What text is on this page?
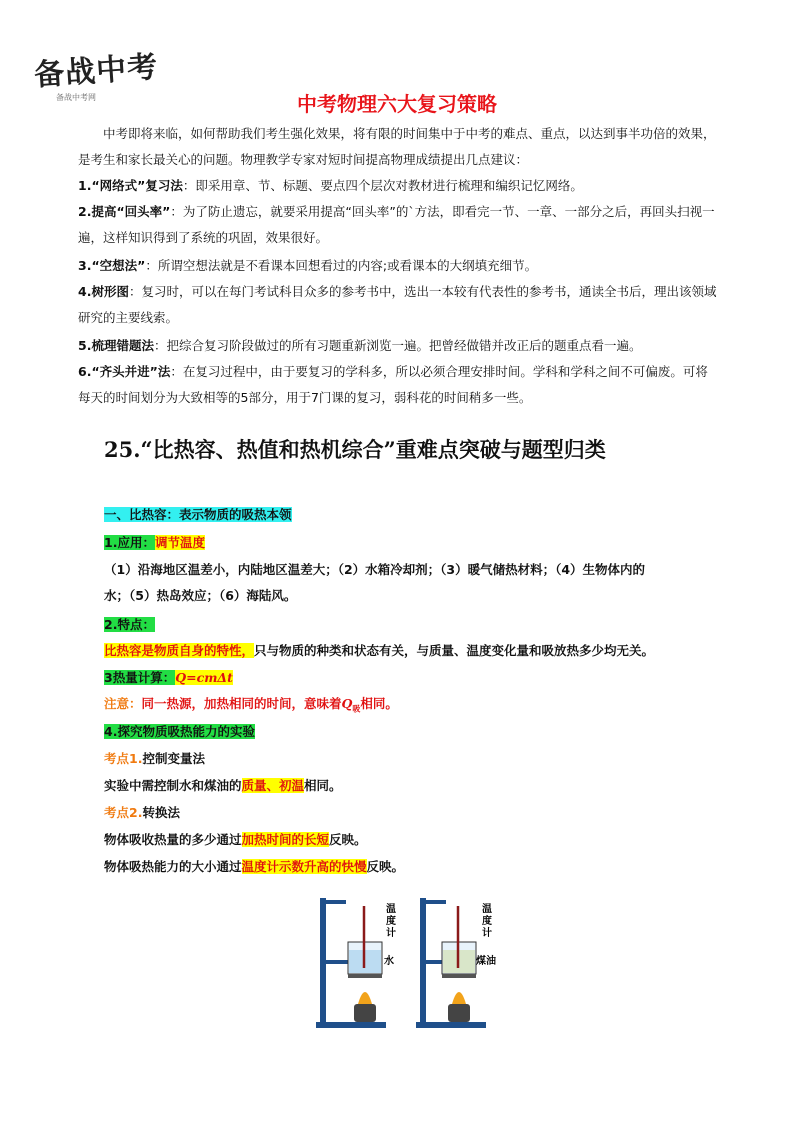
备战中考
备战中考网	中考物理六大复习策略
中考即将来临，如何帮助我们考生强化效果，将有限的时间集中于中考的难点、重点，以达到事半功倍的效果，是考生和家长最关心的问题。物理教学专家对短时间提高物理成绩提出几点建议：
1.“网络式”复习法：即采用章、节、标题、要点四个层次对教材进行梳理和编织记忆网络。
2.提高“回头率”：为了防止遗忘，就要采用提高“回头率”的`方法，即看完一节、一章、一部分之后，再回头扫视一遍，这样知识得到了系统的巩固，效果很好。
3.“空想法”：所谓空想法就是不看课本回想看过的内容;或看课本的大纲填充细节。
4.树形图：复习时，可以在每门考试科目众多的参考书中，选出一本较有代表性的参考书，通读全书后，理出该领域研究的主要线索。
5.梳理错题法：把综合复习阶段做过的所有习题重新浏览一遍。把曾经做错并改正后的题重点看一遍。
6.“齐头并进”法：在复习过程中，由于要复习的学科多，所以必须合理安排时间。学科和学科之间不可偏废。可将每天的时间划分为大致相等的5部分，用于7门课的复习，弱科花的时间稍多一些。
25.“比热容、热值和热机综合”重难点突破与题型归类
一、比热容：表示物质的吸热本领
1.应用：调节温度
（1）沿海地区温差小，内陆地区温差大；（2）水箱冷却剂；（3）暖气储热材料；（4）生物体内的
水；（5）热岛效应；（6）海陆风。
2.特点：
比热容是物质自身的特性，只与物质的种类和状态有关，与质量、温度变化量和吸放热多少均无关。
3热量计算：Q=cmΔt
注意：同一热源，加热相同的时间，意味着$Q_吸$相同。
4.探究物质吸热能力的实验
考点1.控制变量法
实验中需控制水和煤油的质量、初温相同。
考点2.转换法
物体吸收热量的多少通过加热时间的长短反映。
物体吸热能力的大小通过温度计示数升高的快慢反映。
温
度
计
水
温
度
计
煤油
